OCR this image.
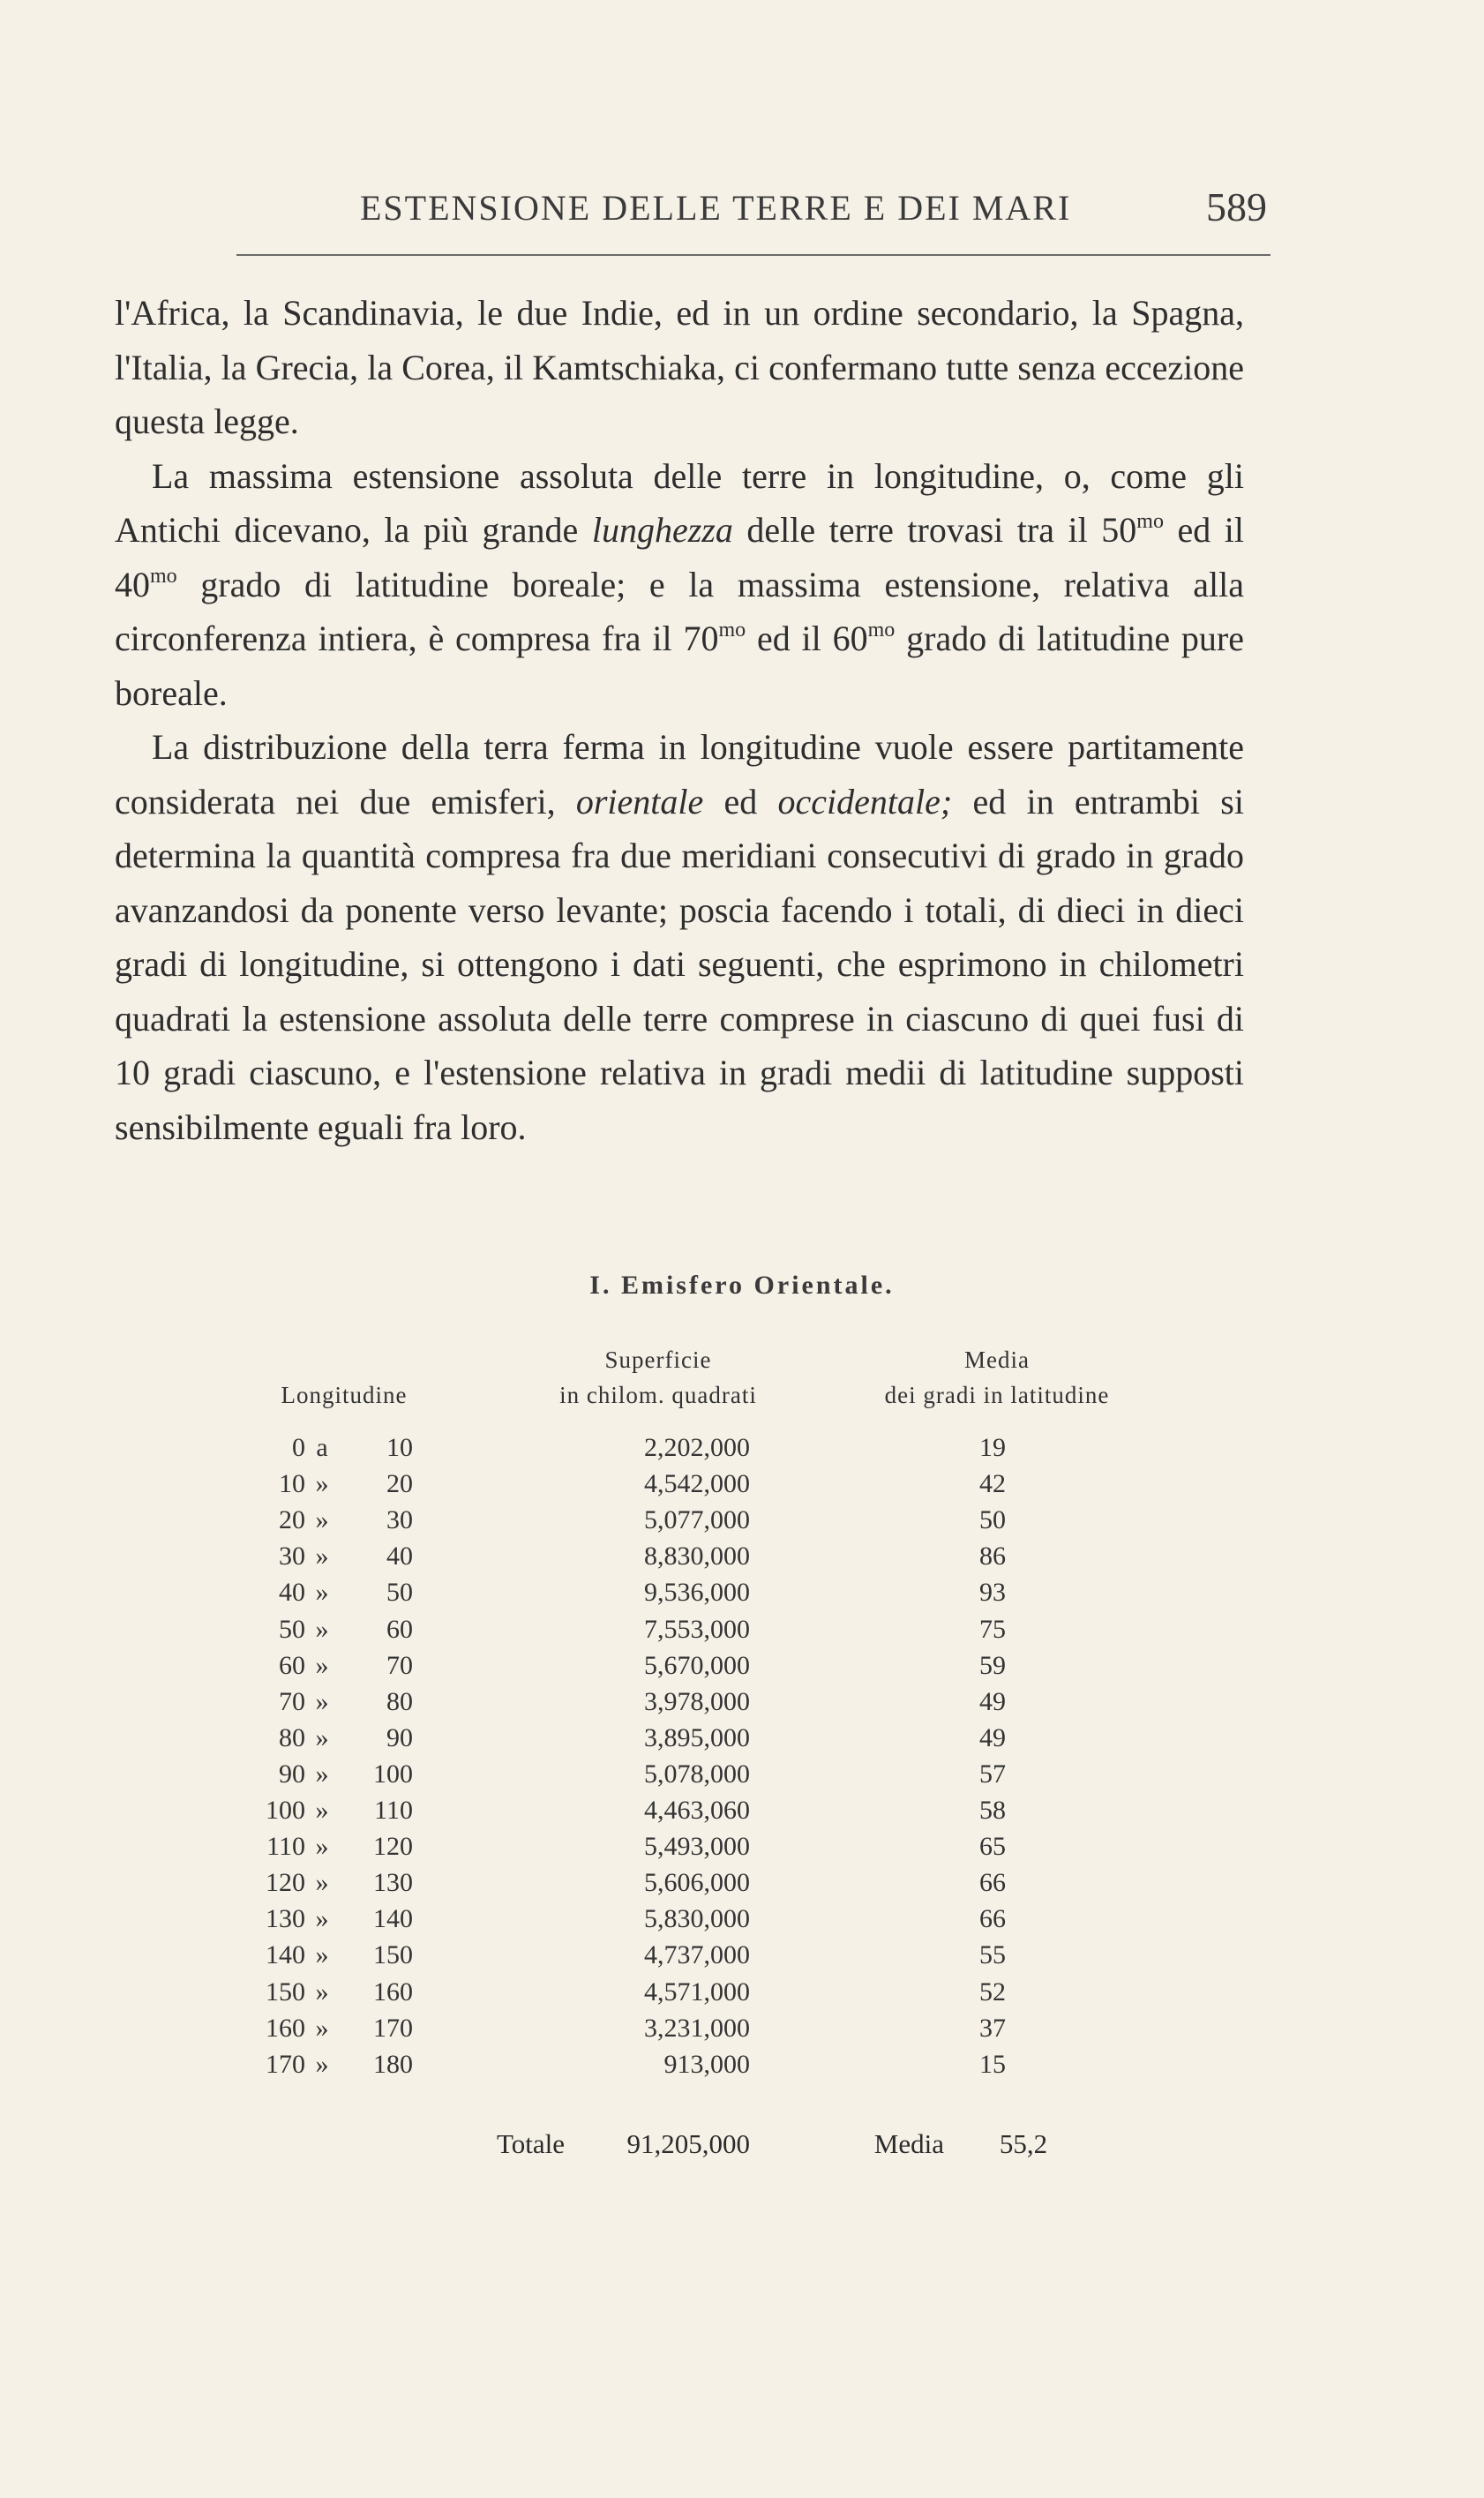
ESTENSIONE DELLE TERRE E DEI MARI	589

l'Africa, la Scandinavia, le due Indie, ed in un ordine secondario, la Spagna, l'Italia, la Grecia, la Corea, il Kamtschiaka, ci confermano tutte senza eccezione questa legge.

La massima estensione assoluta delle terre in longitudine, o, come gli Antichi dicevano, la più grande lunghezza delle terre trovasi tra il $50^{mo}$ ed il $40^{mo}$ grado di latitudine boreale; e la massima estensione, relativa alla circonferenza intiera, è compresa fra il $70^{mo}$ ed il $60^{mo}$ grado di latitudine pure boreale.

La distribuzione della terra ferma in longitudine vuole essere partitamente considerata nei due emisferi, orientale ed occidentale; ed in entrambi si determina la quantità compresa fra due meridiani consecutivi di grado in grado avanzandosi da ponente verso levante; poscia facendo i totali, di dieci in dieci gradi di longitudine, si ottengono i dati seguenti, che esprimono in chilometri quadrati la estensione assoluta delle terre comprese in ciascuno di quei fusi di 10 gradi ciascuno, e l'estensione relativa in gradi medii di latitudine supposti sensibilmente eguali fra loro.

I. Emisfero Orientale.
Superficie	Media
Longitudine	in chilom. quadrati	dei gradi in latitudine
0 a	10	2,202,000	19
10 »	20	4,542,000	42
20 »	30	5,077,000	50
30 »	40	8,830,000	86
40 »	50	9,536,000	93
50 »	60	7,553,000	75
60 »	70	5,670,000	59
70 »	80	3,978,000	49
80 »	90	3,895,000	49
90 »	100	5,078,000	57
100 »	110	4,463,060	58
110 »	120	5,493,000	65
120 »	130	5,606,000	66
130 »	140	5,830,000	66
140 »	150	4,737,000	55
150 »	160	4,571,000	52
160 »	170	3,231,000	37
170 »	180	913,000	15
Totale	91,205,000	Media	55,2
